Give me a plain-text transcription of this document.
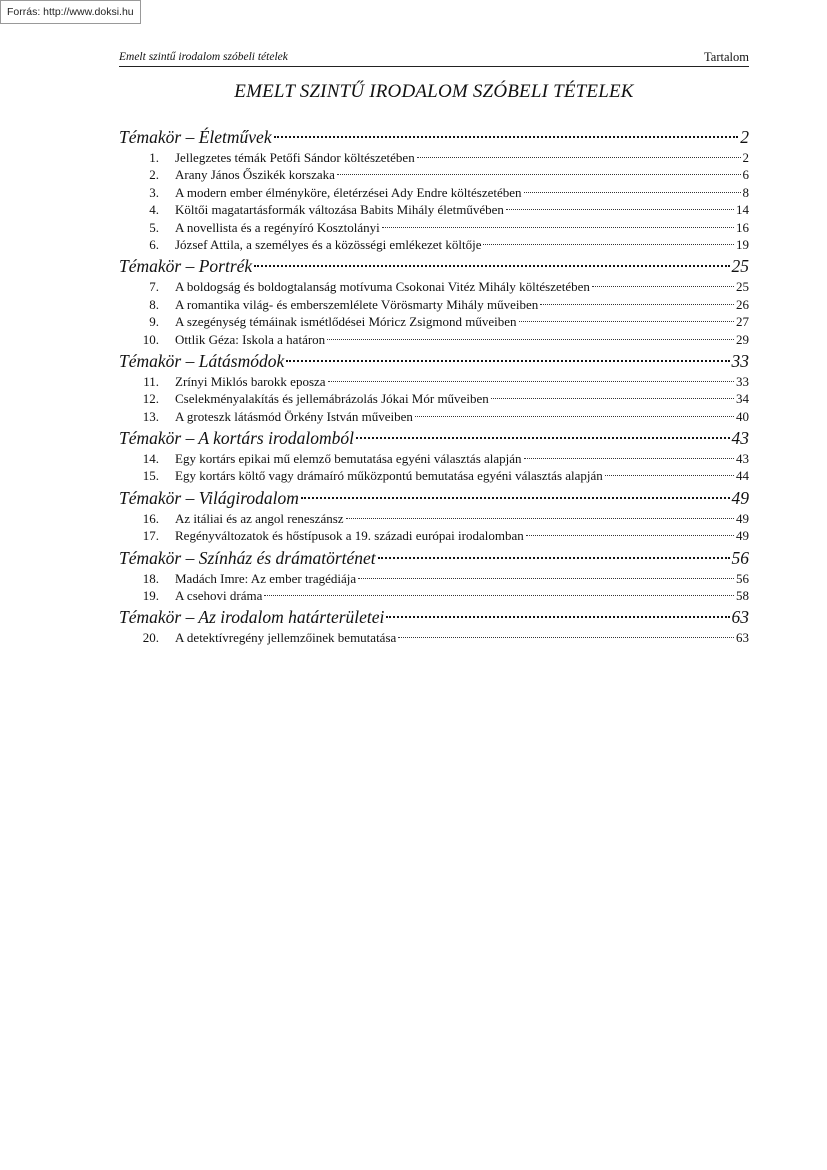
Forrás: http://www.doksi.hu
Emelt szintű irodalom szóbeli tételek	Tartalom
EMELT SZINTŰ IRODALOM SZÓBELI TÉTELEK
Témakör – Életművek	2
1. Jellegzetes témák Petőfi Sándor költészetében	2
2. Arany János Őszikék korszaka	6
3. A modern ember élményköre, életérzései Ady Endre költészetében	8
4. Költői magatartásformák változása Babits Mihály életművében	14
5. A novellista és a regényíró Kosztolányi	16
6. József Attila, a személyes és a közösségi emlékezet költője	19
Témakör – Portrék	25
7. A boldogság és boldogtalanság motívuma Csokonai Vitéz Mihály költészetében	25
8. A romantika világ- és emberszemlélete Vörösmarty Mihály műveiben	26
9. A szegénység témáinak ismétlődései Móricz Zsigmond műveiben	27
10. Ottlik Géza: Iskola a határon	29
Témakör – Látásmódok	33
11. Zrínyi Miklós barokk eposza	33
12. Cselekményalakítás és jellemábrázolás Jókai Mór műveiben	34
13. A groteszk látásmód Örkény István műveiben	40
Témakör – A kortárs irodalomból	43
14. Egy kortárs epikai mű elemző bemutatása egyéni választás alapján	43
15. Egy kortárs költő vagy drámaíró műközpontú bemutatása egyéni választás alapján	44
Témakör – Világirodalom	49
16. Az itáliai és az angol reneszánsz	49
17. Regényváltozatok és hőstípusok a 19. századi európai irodalomban	49
Témakör – Színház és drámatörténet	56
18. Madách Imre: Az ember tragédiája	56
19. A csehovi dráma	58
Témakör – Az irodalom határterületei	63
20. A detektívregény jellemzőinek bemutatása	63
